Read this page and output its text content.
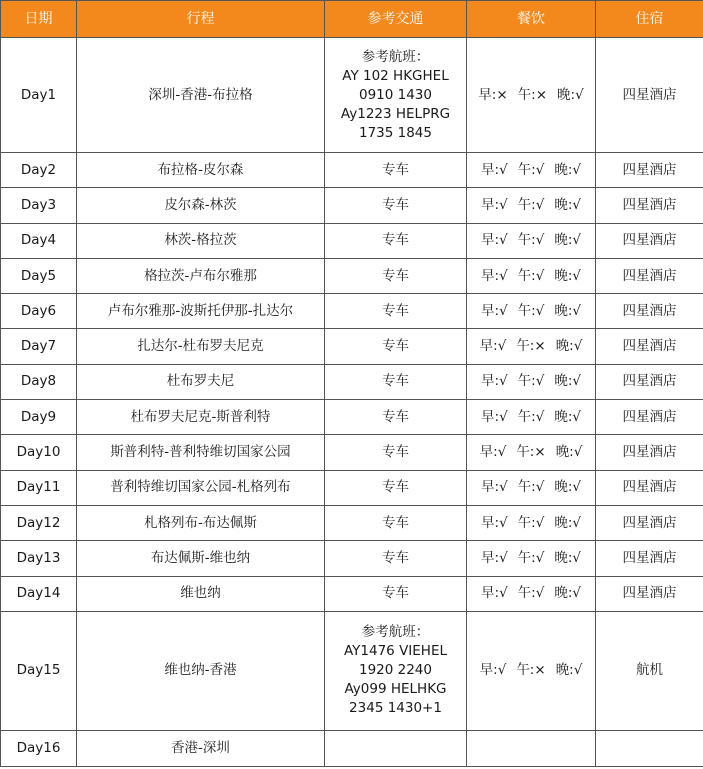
日期	行程	参考交通	餐饮	住宿
Day1	深圳-香港-布拉格	参考航班：
AY 102 HKGHEL
0910 1430
Ay1223 HELPRG
1735 1845	早:× 午:× 晚:√	四星酒店
Day2	布拉格-皮尔森	专车	早:√ 午:√ 晚:√	四星酒店
Day3	皮尔森-林茨	专车	早:√ 午:√ 晚:√	四星酒店
Day4	林茨-格拉茨	专车	早:√ 午:√ 晚:√	四星酒店
Day5	格拉茨-卢布尔雅那	专车	早:√ 午:√ 晚:√	四星酒店
Day6	卢布尔雅那-波斯托伊那-扎达尔	专车	早:√ 午:√ 晚:√	四星酒店
Day7	扎达尔-杜布罗夫尼克	专车	早:√ 午:× 晚:√	四星酒店
Day8	杜布罗夫尼	专车	早:√ 午:√ 晚:√	四星酒店
Day9	杜布罗夫尼克-斯普利特	专车	早:√ 午:√ 晚:√	四星酒店
Day10	斯普利特-普利特维切国家公园	专车	早:√ 午:× 晚:√	四星酒店
Day11	普利特维切国家公园-札格列布	专车	早:√ 午:√ 晚:√	四星酒店
Day12	札格列布-布达佩斯	专车	早:√ 午:√ 晚:√	四星酒店
Day13	布达佩斯-维也纳	专车	早:√ 午:√ 晚:√	四星酒店
Day14	维也纳	专车	早:√ 午:√ 晚:√	四星酒店
Day15	维也纳-香港	参考航班：
AY1476 VIEHEL
1920 2240
Ay099 HELHKG
2345 1430+1	早:√ 午:× 晚:√	航机
Day16	香港-深圳			
